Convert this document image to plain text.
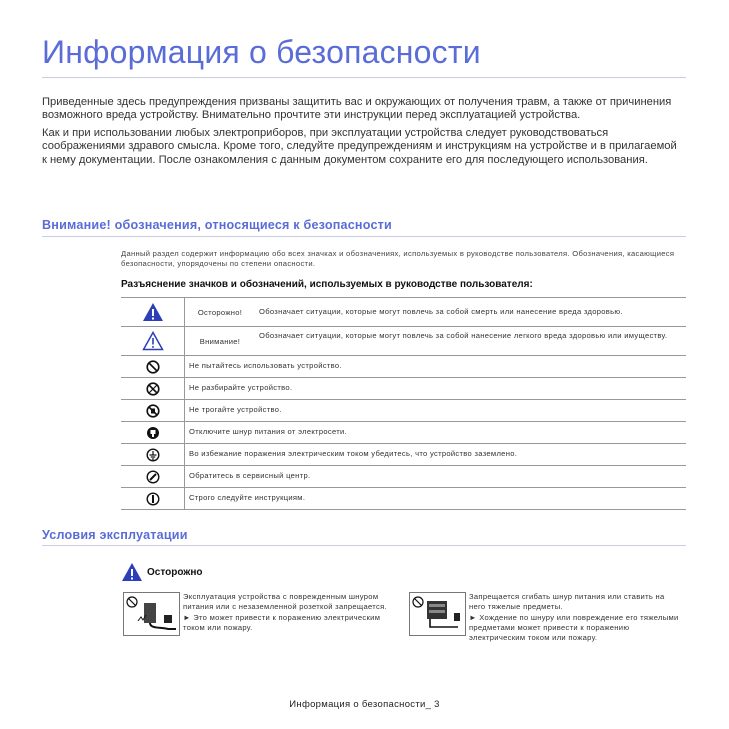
Информация о безопасности

Приведенные здесь предупреждения призваны защитить вас и окружающих от получения травм, а также от причинения возможного вреда устройству. Внимательно прочтите эти инструкции перед эксплуатацией устройства.

Как и при использовании любых электроприборов, при эксплуатации устройства следует руководствоваться соображениями здравого смысла. Кроме того, следуйте предупреждениям и инструкциям на устройстве и в прилагаемой к нему документации. После ознакомления с данным документом сохраните его для последующего использования.

Внимание! обозначения, относящиеся к безопасности
Данный раздел содержит информацию обо всех значках и обозначениях, используемых в руководстве пользователя. Обозначения, касающиеся безопасности, упорядочены по степени опасности.
Разъяснение значков и обозначений, используемых в руководстве пользователя:
Осторожно!	Обозначает ситуации, которые могут повлечь за собой смерть или нанесение вреда здоровью.
Внимание!
Обозначает ситуации, которые могут повлечь за собой нанесение легкого вреда здоровью или имуществу.
Не пытайтесь использовать устройство.
Не разбирайте устройство.
Не трогайте устройство.
Отключите шнур питания от электросети.
Во избежание поражения электрическим током убедитесь, что устройство заземлено.
Обратитесь в сервисный центр.
Строго следуйте инструкциям.
Условия эксплуатации
Осторожно
Эксплуатация устройства с поврежденным шнуром питания или с незаземленной розеткой запрещается.
► Это может привести к поражению электрическим током или пожару.
Запрещается сгибать шнур питания или ставить на него тяжелые предметы.
► Хождение по шнуру или повреждение его тяжелыми предметами может привести к поражению электрическим током или пожару.
Информация о безопасности_ 3
